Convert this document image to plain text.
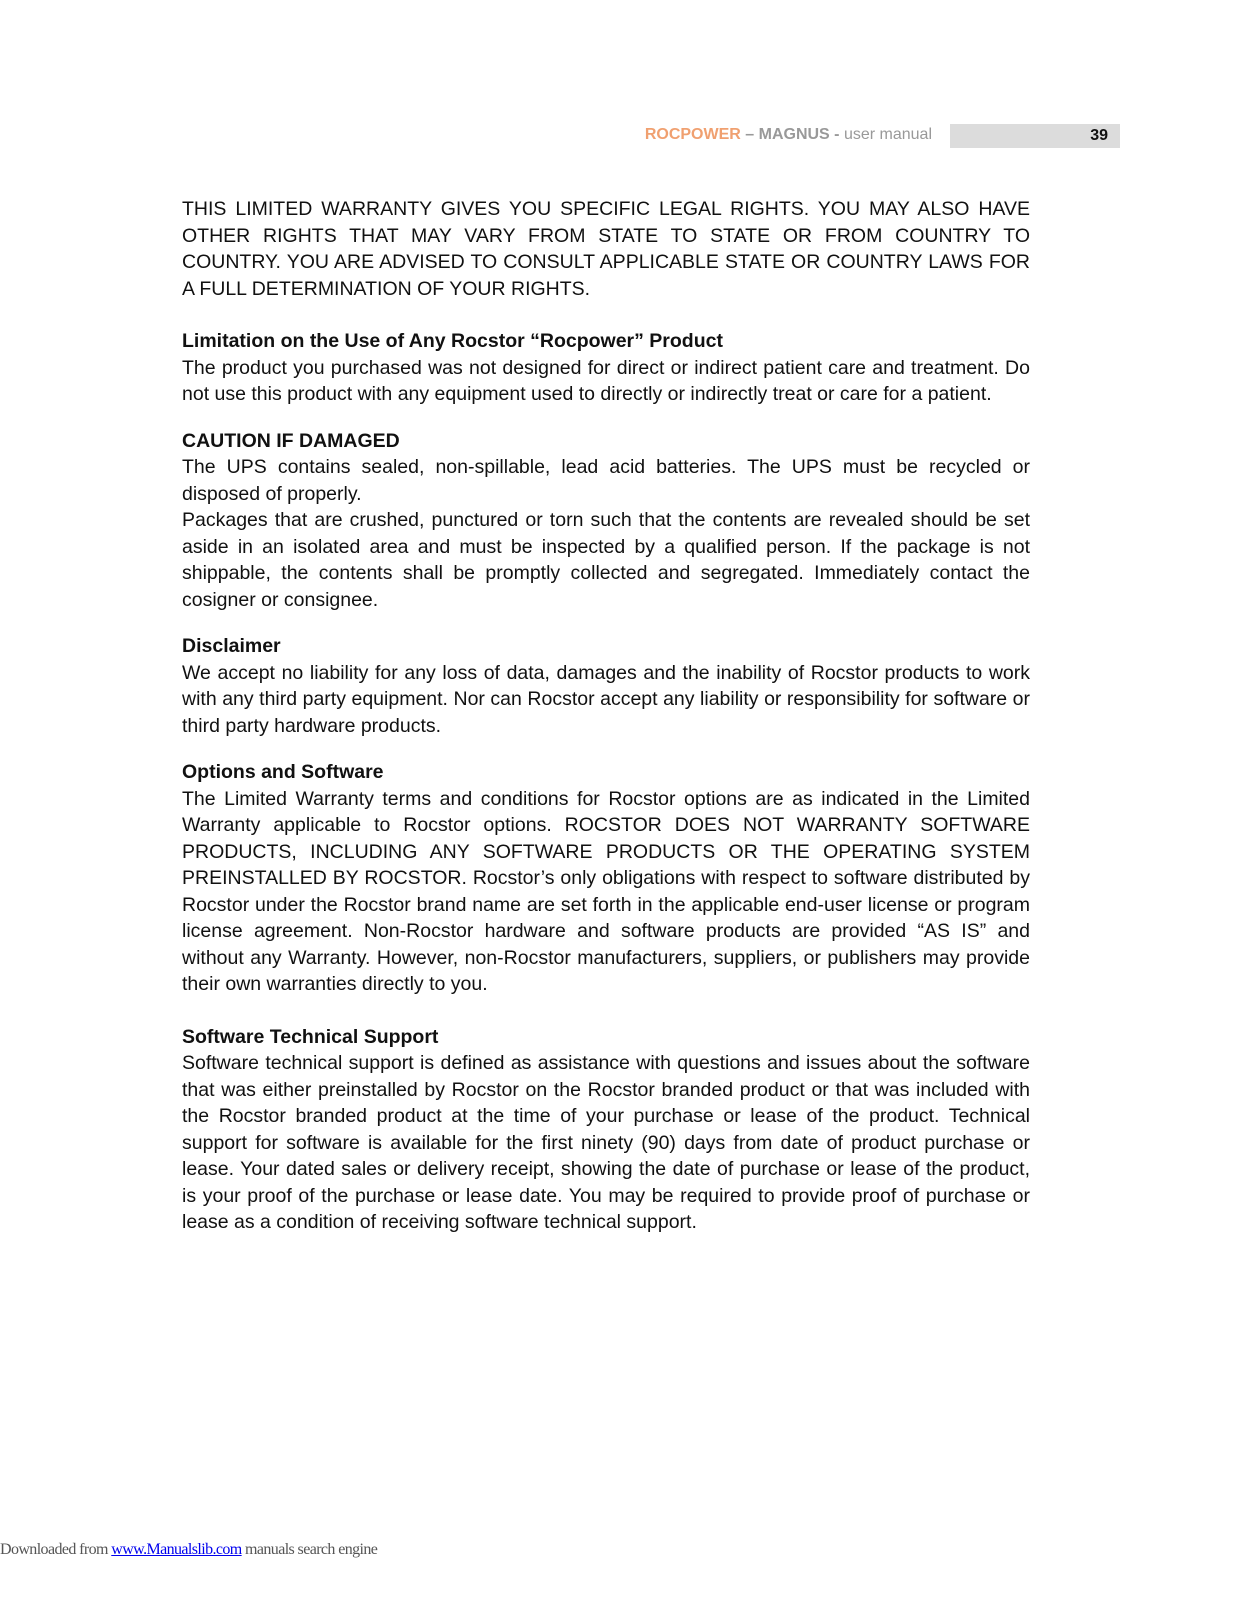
ROCPOWER – MAGNUS - user manual	39

THIS LIMITED WARRANTY GIVES YOU SPECIFIC LEGAL RIGHTS. YOU MAY ALSO HAVE OTHER RIGHTS THAT MAY VARY FROM STATE TO STATE OR FROM COUNTRY TO COUNTRY. YOU ARE ADVISED TO CONSULT APPLICABLE STATE OR COUNTRY LAWS FOR A FULL DETERMINATION OF YOUR RIGHTS.

Limitation on the Use of Any Rocstor “Rocpower” Product

The product you purchased was not designed for direct or indirect patient care and treatment. Do not use this product with any equipment used to directly or indirectly treat or care for a patient.

CAUTION IF DAMAGED

The UPS contains sealed, non-spillable, lead acid batteries. The UPS must be recycled or disposed of properly.

Packages that are crushed, punctured or torn such that the contents are revealed should be set aside in an isolated area and must be inspected by a qualified person. If the package is not shippable, the contents shall be promptly collected and segregated. Immediately contact the cosigner or consignee.

Disclaimer

We accept no liability for any loss of data, damages and the inability of Rocstor products to work with any third party equipment. Nor can Rocstor accept any liability or responsibility for software or third party hardware products.

Options and Software

The Limited Warranty terms and conditions for Rocstor options are as indicated in the Limited Warranty applicable to Rocstor options. ROCSTOR DOES NOT WARRANTY SOFTWARE PRODUCTS, INCLUDING ANY SOFTWARE PRODUCTS OR THE OPERATING SYSTEM PREINSTALLED BY ROCSTOR. Rocstor’s only obligations with respect to software distributed by Rocstor under the Rocstor brand name are set forth in the applicable end-user license or program license agreement. Non-Rocstor hardware and software products are provided “AS IS” and without any Warranty. However, non-Rocstor manufacturers, suppliers, or publishers may provide their own warranties directly to you.

Software Technical Support

Software technical support is defined as assistance with questions and issues about the software that was either preinstalled by Rocstor on the Rocstor branded product or that was included with the Rocstor branded product at the time of your purchase or lease of the product. Technical support for software is available for the first ninety (90) days from date of product purchase or lease. Your dated sales or delivery receipt, showing the date of purchase or lease of the product, is your proof of the purchase or lease date. You may be required to provide proof of purchase or lease as a condition of receiving software technical support.

Downloaded from www.Manualslib.com manuals search engine
